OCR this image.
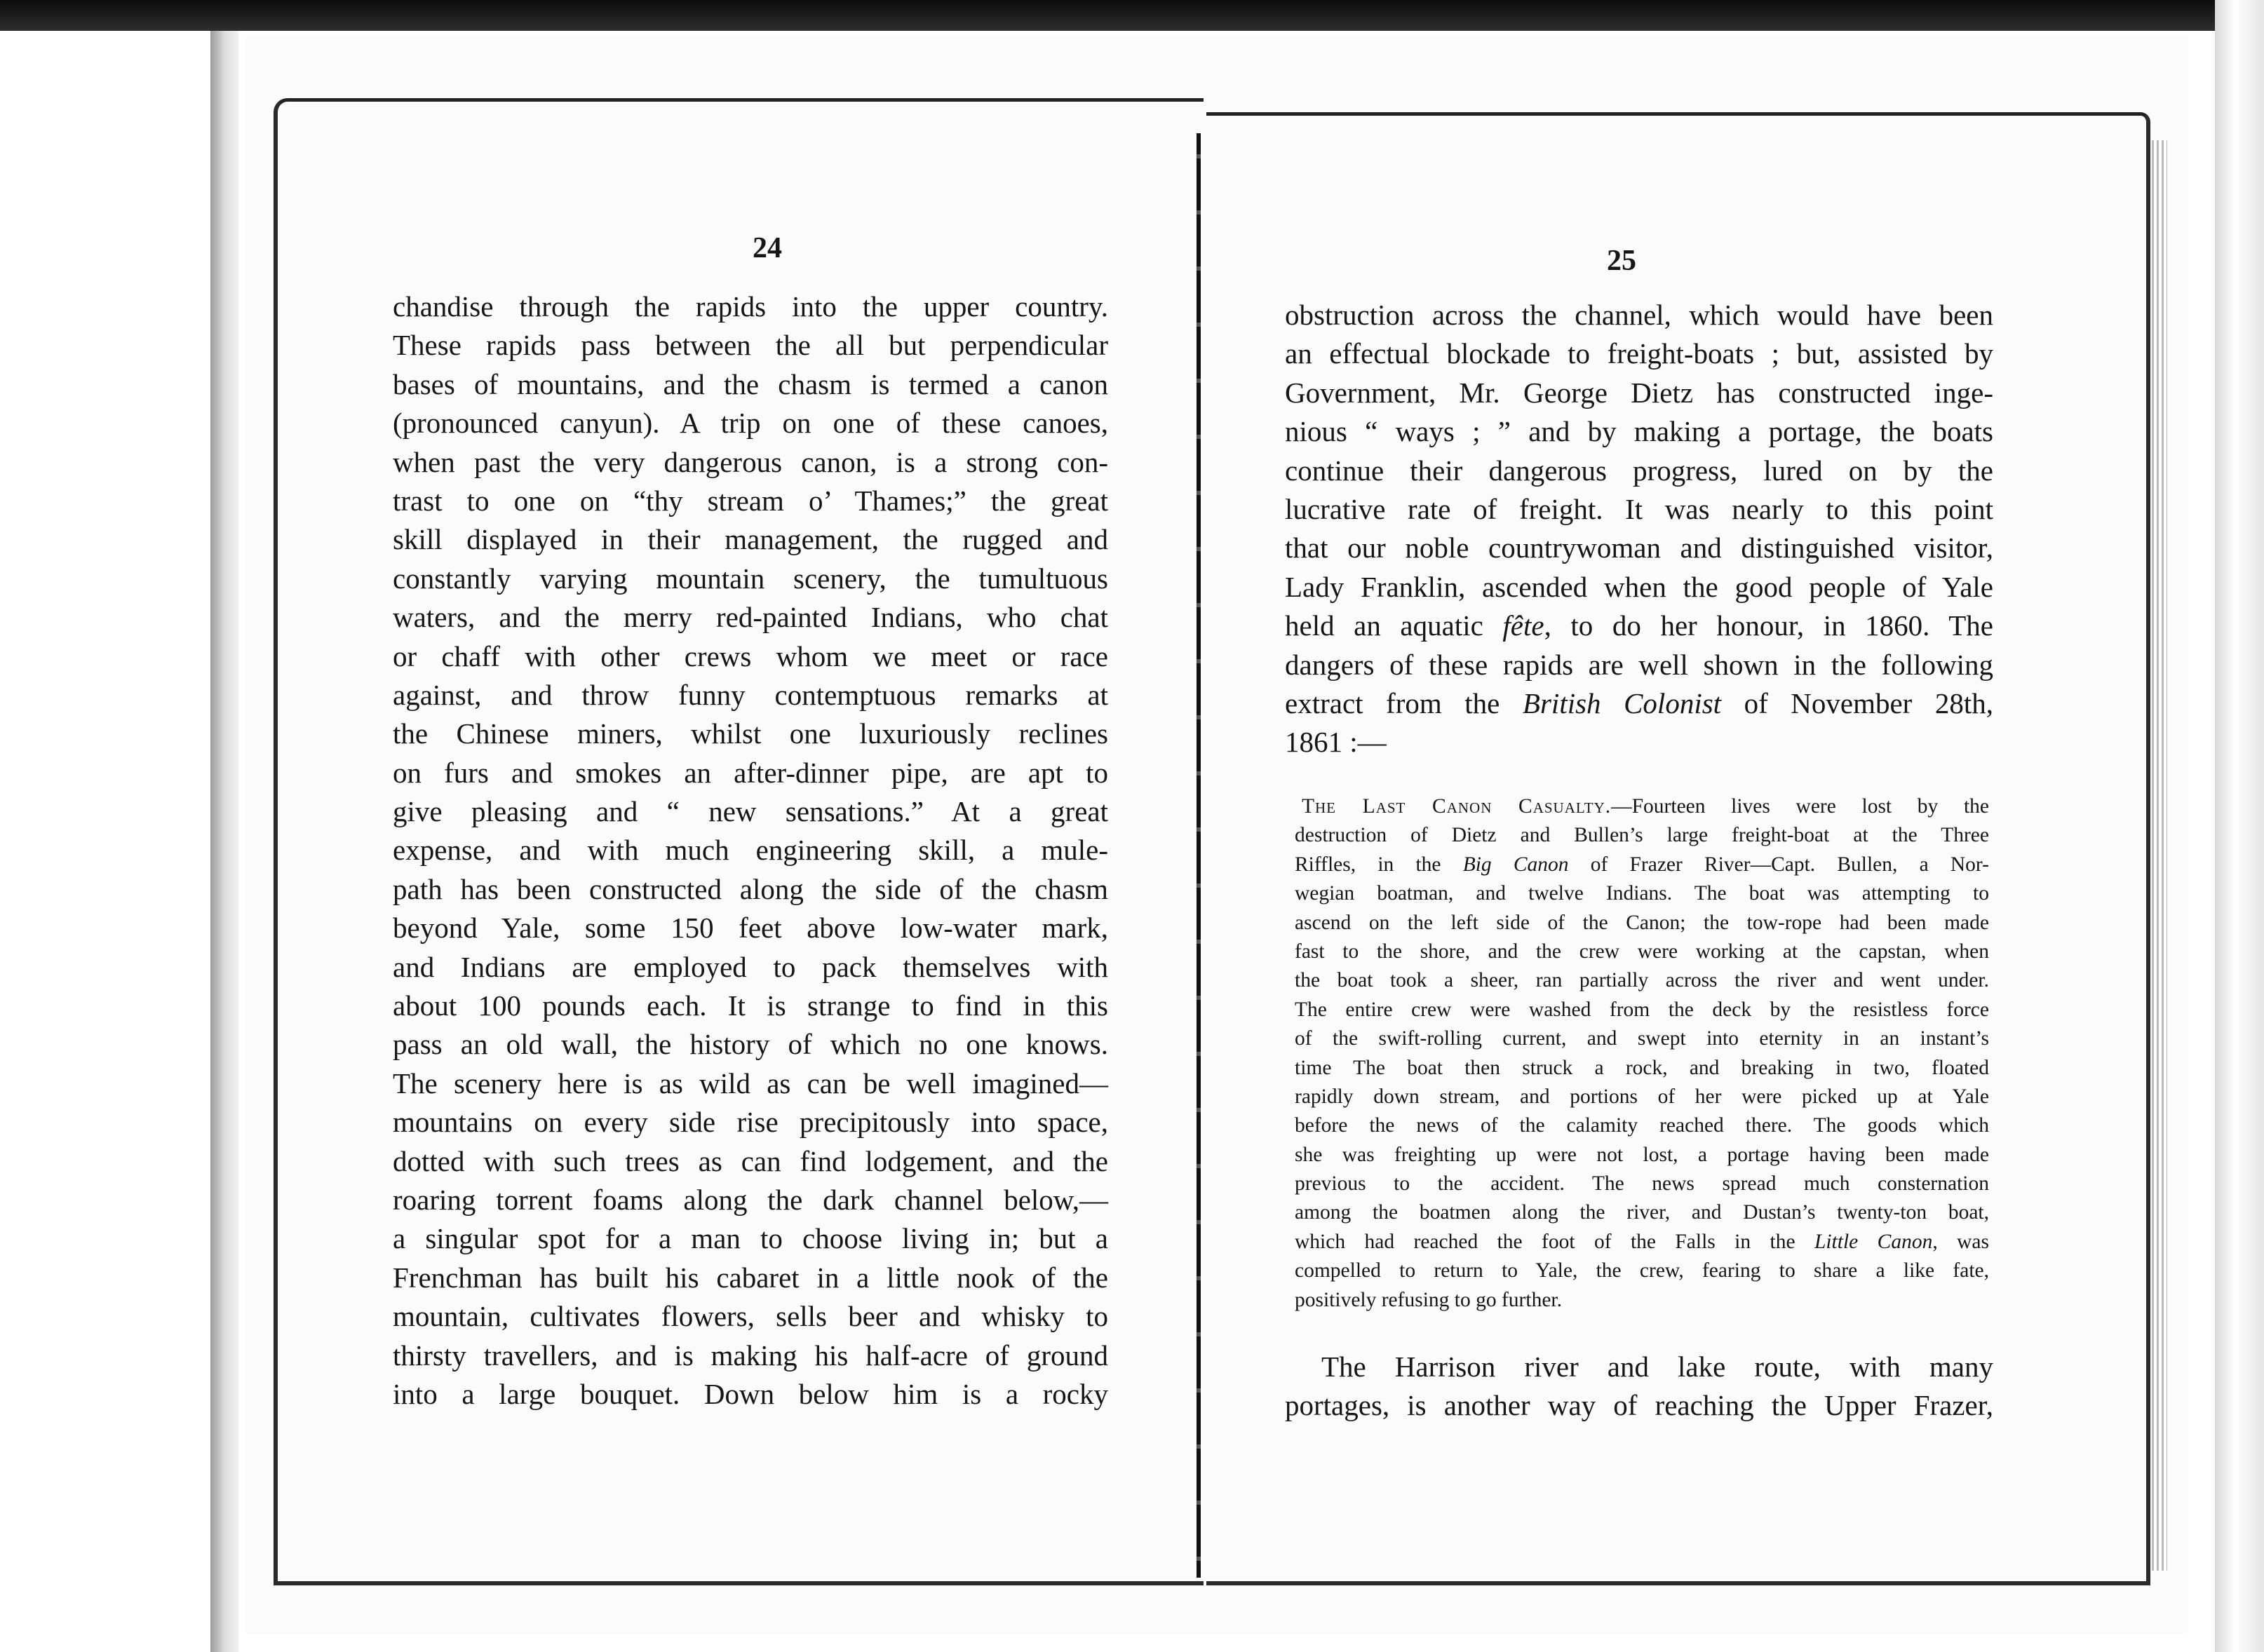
24
chandise through the rapids into the upper country.
These rapids pass between the all but perpendicular
bases of mountains, and the chasm is termed a canon
(pronounced canyun). A trip on one of these canoes,
when past the very dangerous canon, is a strong con-
trast to one on “thy stream o’ Thames;” the great
skill displayed in their management, the rugged and
constantly varying mountain scenery, the tumultuous
waters, and the merry red-painted Indians, who chat
or chaff with other crews whom we meet or race
against, and throw funny contemptuous remarks at
the Chinese miners, whilst one luxuriously reclines
on furs and smokes an after-dinner pipe, are apt to
give pleasing and “ new sensations.” At a great
expense, and with much engineering skill, a mule-
path has been constructed along the side of the chasm
beyond Yale, some 150 feet above low-water mark,
and Indians are employed to pack themselves with
about 100 pounds each. It is strange to find in this
pass an old wall, the history of which no one knows.
The scenery here is as wild as can be well imagined—
mountains on every side rise precipitously into space,
dotted with such trees as can find lodgement, and the
roaring torrent foams along the dark channel below,—
a singular spot for a man to choose living in; but a
Frenchman has built his cabaret in a little nook of the
mountain, cultivates flowers, sells beer and whisky to
thirsty travellers, and is making his half-acre of ground
into a large bouquet. Down below him is a rocky
25
obstruction across the channel, which would have been
an effectual blockade to freight-boats ; but, assisted by
Government, Mr. George Dietz has constructed inge-
nious “ ways ; ” and by making a portage, the boats
continue their dangerous progress, lured on by the
lucrative rate of freight. It was nearly to this point
that our noble countrywoman and distinguished visitor,
Lady Franklin, ascended when the good people of Yale
held an aquatic fête, to do her honour, in 1860. The
dangers of these rapids are well shown in the following
extract from the British Colonist of November 28th,
1861 :—
The Last Canon Casualty.—Fourteen lives were lost by the
destruction of Dietz and Bullen’s large freight-boat at the Three
Riffles, in the Big Canon of Frazer River—Capt. Bullen, a Nor-
wegian boatman, and twelve Indians. The boat was attempting to
ascend on the left side of the Canon; the tow-rope had been made
fast to the shore, and the crew were working at the capstan, when
the boat took a sheer, ran partially across the river and went under.
The entire crew were washed from the deck by the resistless force
of the swift-rolling current, and swept into eternity in an instant’s
time The boat then struck a rock, and breaking in two, floated
rapidly down stream, and portions of her were picked up at Yale
before the news of the calamity reached there. The goods which
she was freighting up were not lost, a portage having been made
previous to the accident. The news spread much consternation
among the boatmen along the river, and Dustan’s twenty-ton boat,
which had reached the foot of the Falls in the Little Canon, was
compelled to return to Yale, the crew, fearing to share a like fate,
positively refusing to go further.
The Harrison river and lake route, with many
portages, is another way of reaching the Upper Frazer,
